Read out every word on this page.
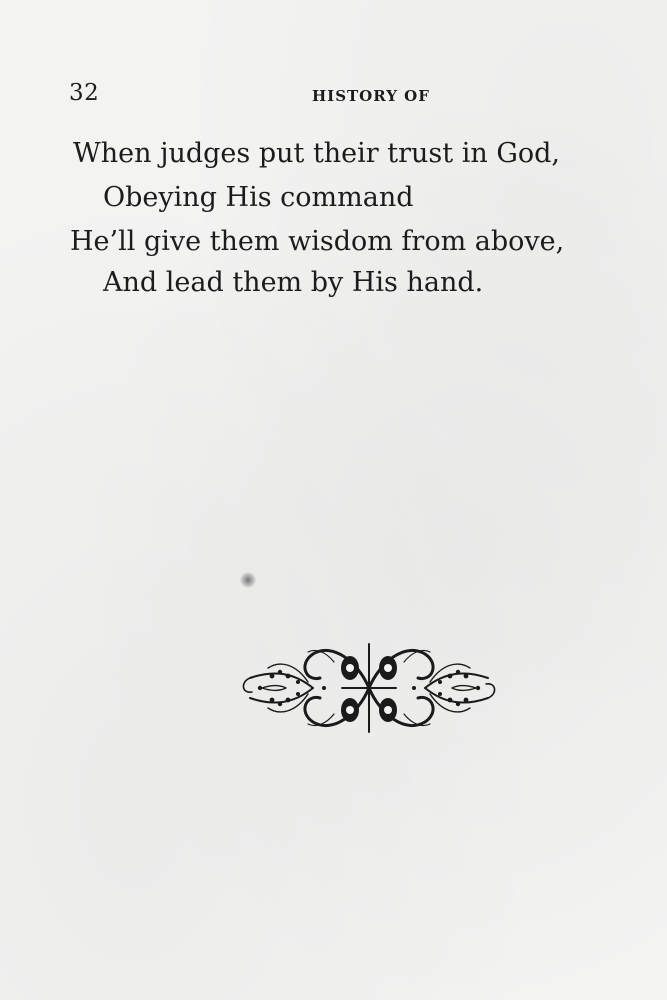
32	HISTORY OF
When judges put their trust in God,
Obeying His command
He’ll give them wisdom from above,
And lead them by His hand.
